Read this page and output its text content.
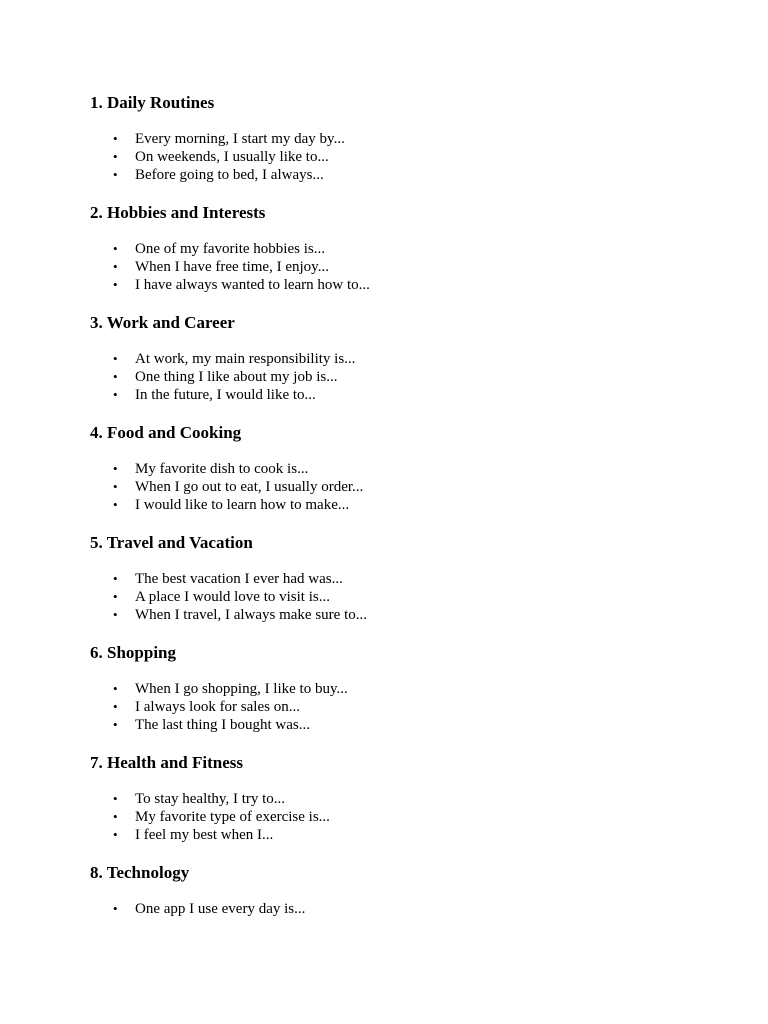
1. Daily Routines
•	Every morning, I start my day by...
•	On weekends, I usually like to...
•	Before going to bed, I always...
2. Hobbies and Interests
•	One of my favorite hobbies is...
•	When I have free time, I enjoy...
•	I have always wanted to learn how to...
3. Work and Career
•	At work, my main responsibility is...
•	One thing I like about my job is...
•	In the future, I would like to...
4. Food and Cooking
•	My favorite dish to cook is...
•	When I go out to eat, I usually order...
•	I would like to learn how to make...
5. Travel and Vacation
•	The best vacation I ever had was...
•	A place I would love to visit is...
•	When I travel, I always make sure to...
6. Shopping
•	When I go shopping, I like to buy...
•	I always look for sales on...
•	The last thing I bought was...
7. Health and Fitness
•	To stay healthy, I try to...
•	My favorite type of exercise is...
•	I feel my best when I...
8. Technology
•	One app I use every day is...
